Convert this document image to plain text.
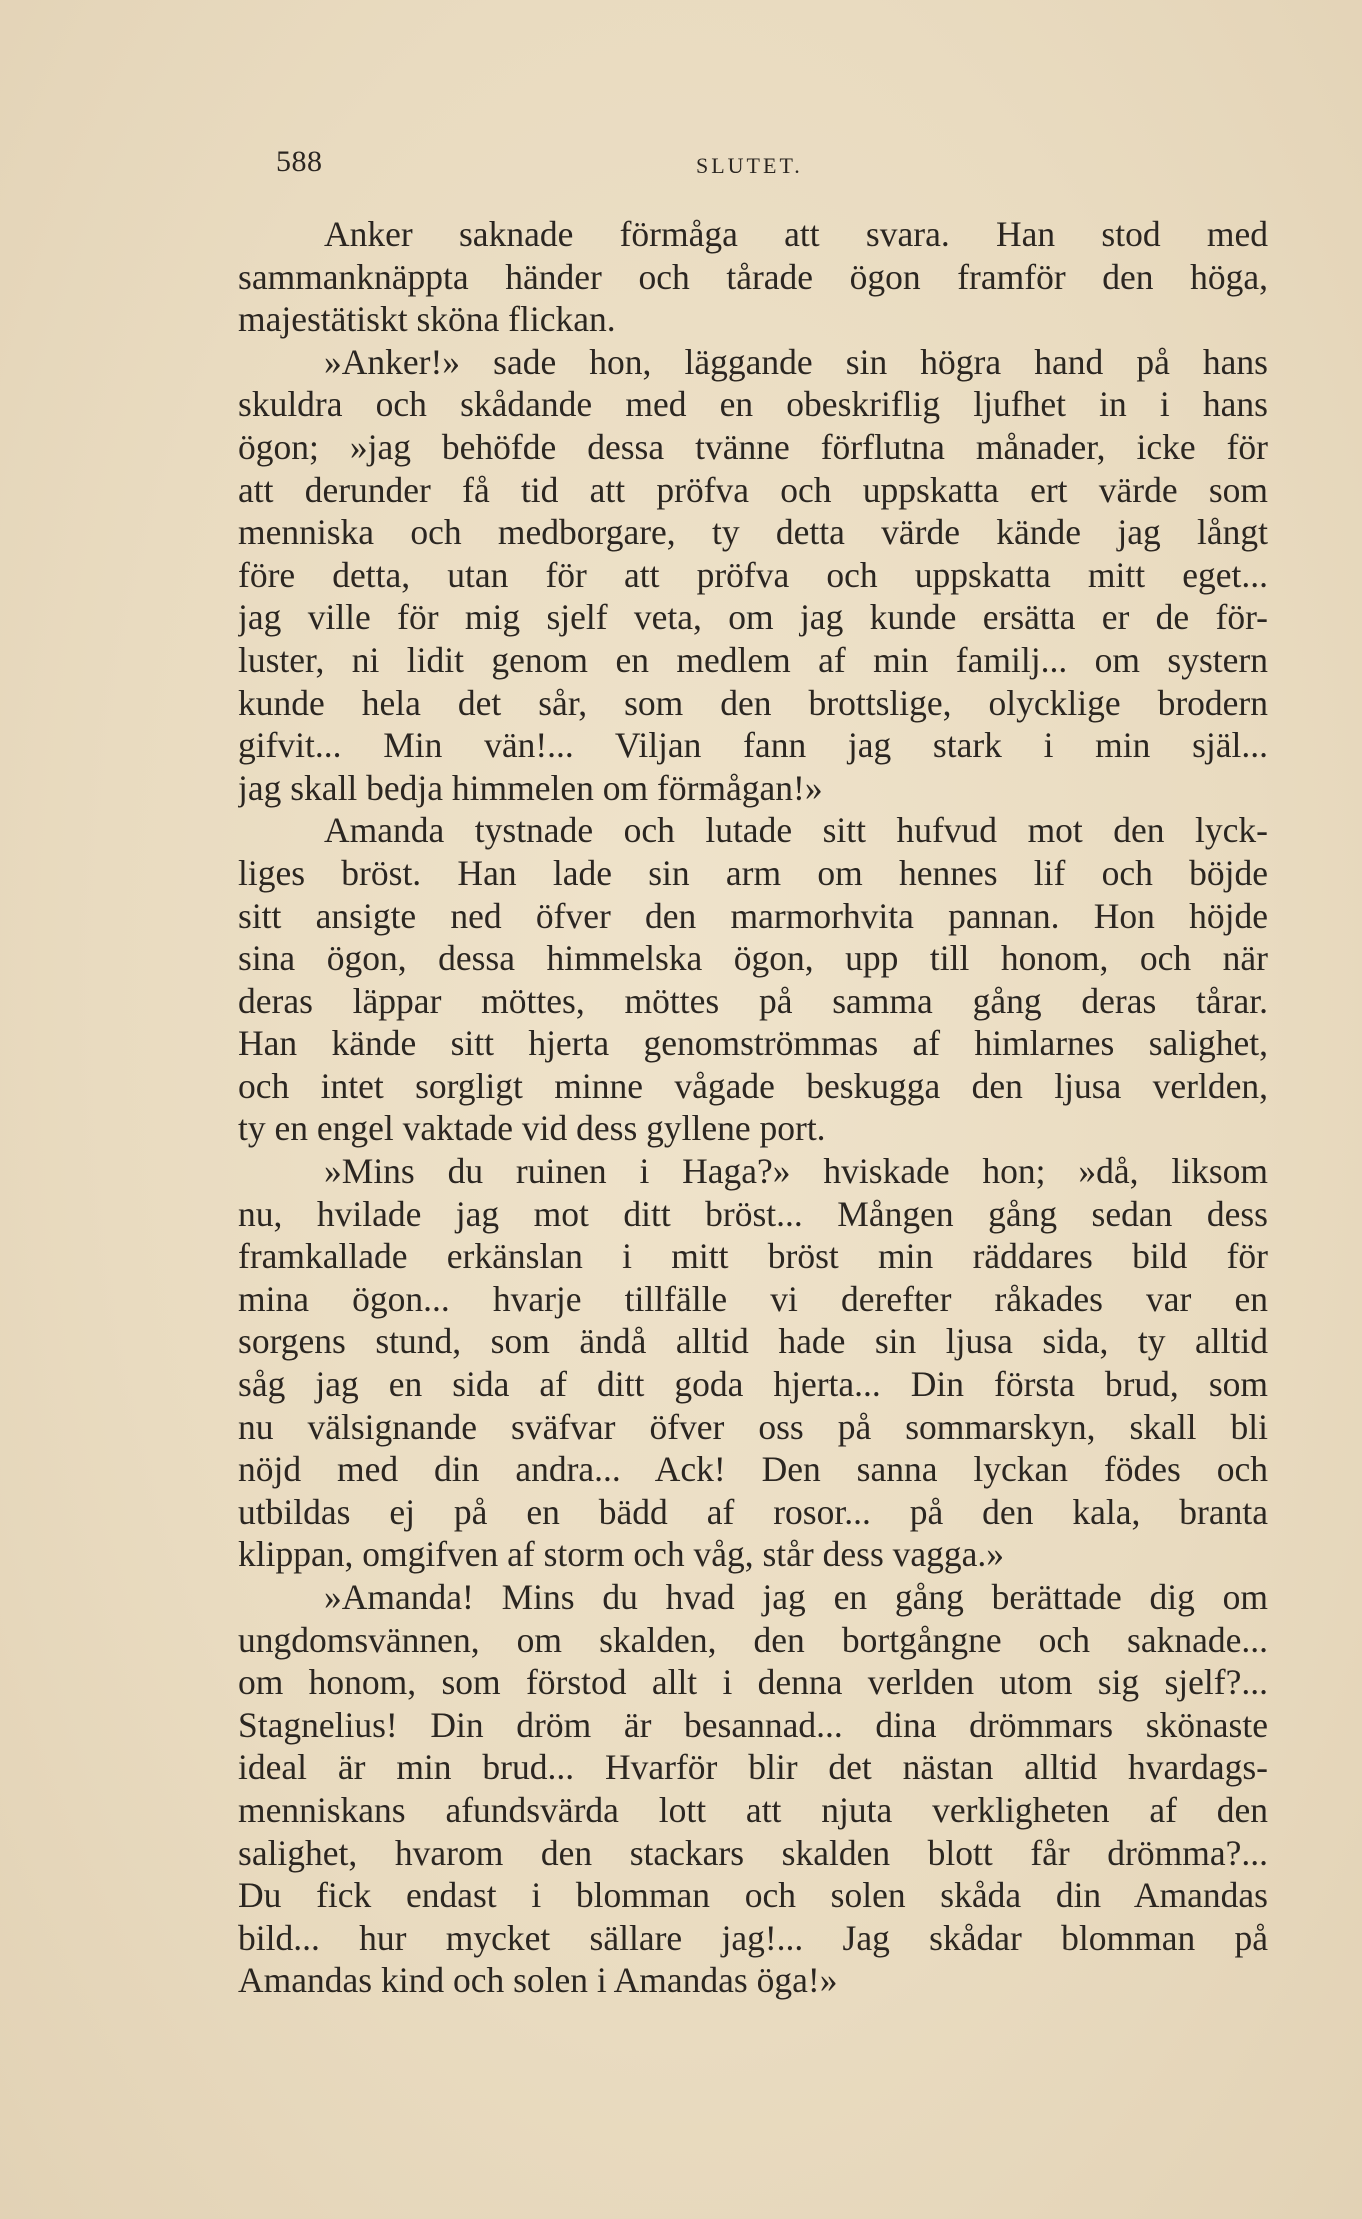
588	SLUTET.
Anker saknade förmåga att svara. Han stod med
sammanknäppta händer och tårade ögon framför den höga,
majestätiskt sköna flickan.
»Anker!» sade hon, läggande sin högra hand på hans
skuldra och skådande med en obeskriflig ljufhet in i hans
ögon; »jag behöfde dessa tvänne förflutna månader, icke för
att derunder få tid att pröfva och uppskatta ert värde som
menniska och medborgare, ty detta värde kände jag långt
före detta, utan för att pröfva och uppskatta mitt eget...
jag ville för mig sjelf veta, om jag kunde ersätta er de för-
luster, ni lidit genom en medlem af min familj... om systern
kunde hela det sår, som den brottslige, olycklige brodern
gifvit... Min vän!... Viljan fann jag stark i min själ...
jag skall bedja himmelen om förmågan!»
Amanda tystnade och lutade sitt hufvud mot den lyck-
liges bröst. Han lade sin arm om hennes lif och böjde
sitt ansigte ned öfver den marmorhvita pannan. Hon höjde
sina ögon, dessa himmelska ögon, upp till honom, och när
deras läppar möttes, möttes på samma gång deras tårar.
Han kände sitt hjerta genomströmmas af himlarnes salighet,
och intet sorgligt minne vågade beskugga den ljusa verlden,
ty en engel vaktade vid dess gyllene port.
»Mins du ruinen i Haga?» hviskade hon; »då, liksom
nu, hvilade jag mot ditt bröst... Mången gång sedan dess
framkallade erkänslan i mitt bröst min räddares bild för
mina ögon... hvarje tillfälle vi derefter råkades var en
sorgens stund, som ändå alltid hade sin ljusa sida, ty alltid
såg jag en sida af ditt goda hjerta... Din första brud, som
nu välsignande sväfvar öfver oss på sommarskyn, skall bli
nöjd med din andra... Ack! Den sanna lyckan födes och
utbildas ej på en bädd af rosor... på den kala, branta
klippan, omgifven af storm och våg, står dess vagga.»
»Amanda! Mins du hvad jag en gång berättade dig om
ungdomsvännen, om skalden, den bortgångne och saknade...
om honom, som förstod allt i denna verlden utom sig sjelf?...
Stagnelius! Din dröm är besannad... dina drömmars skönaste
ideal är min brud... Hvarför blir det nästan alltid hvardags-
menniskans afundsvärda lott att njuta verkligheten af den
salighet, hvarom den stackars skalden blott får drömma?...
Du fick endast i blomman och solen skåda din Amandas
bild... hur mycket sällare jag!... Jag skådar blomman på
Amandas kind och solen i Amandas öga!»
